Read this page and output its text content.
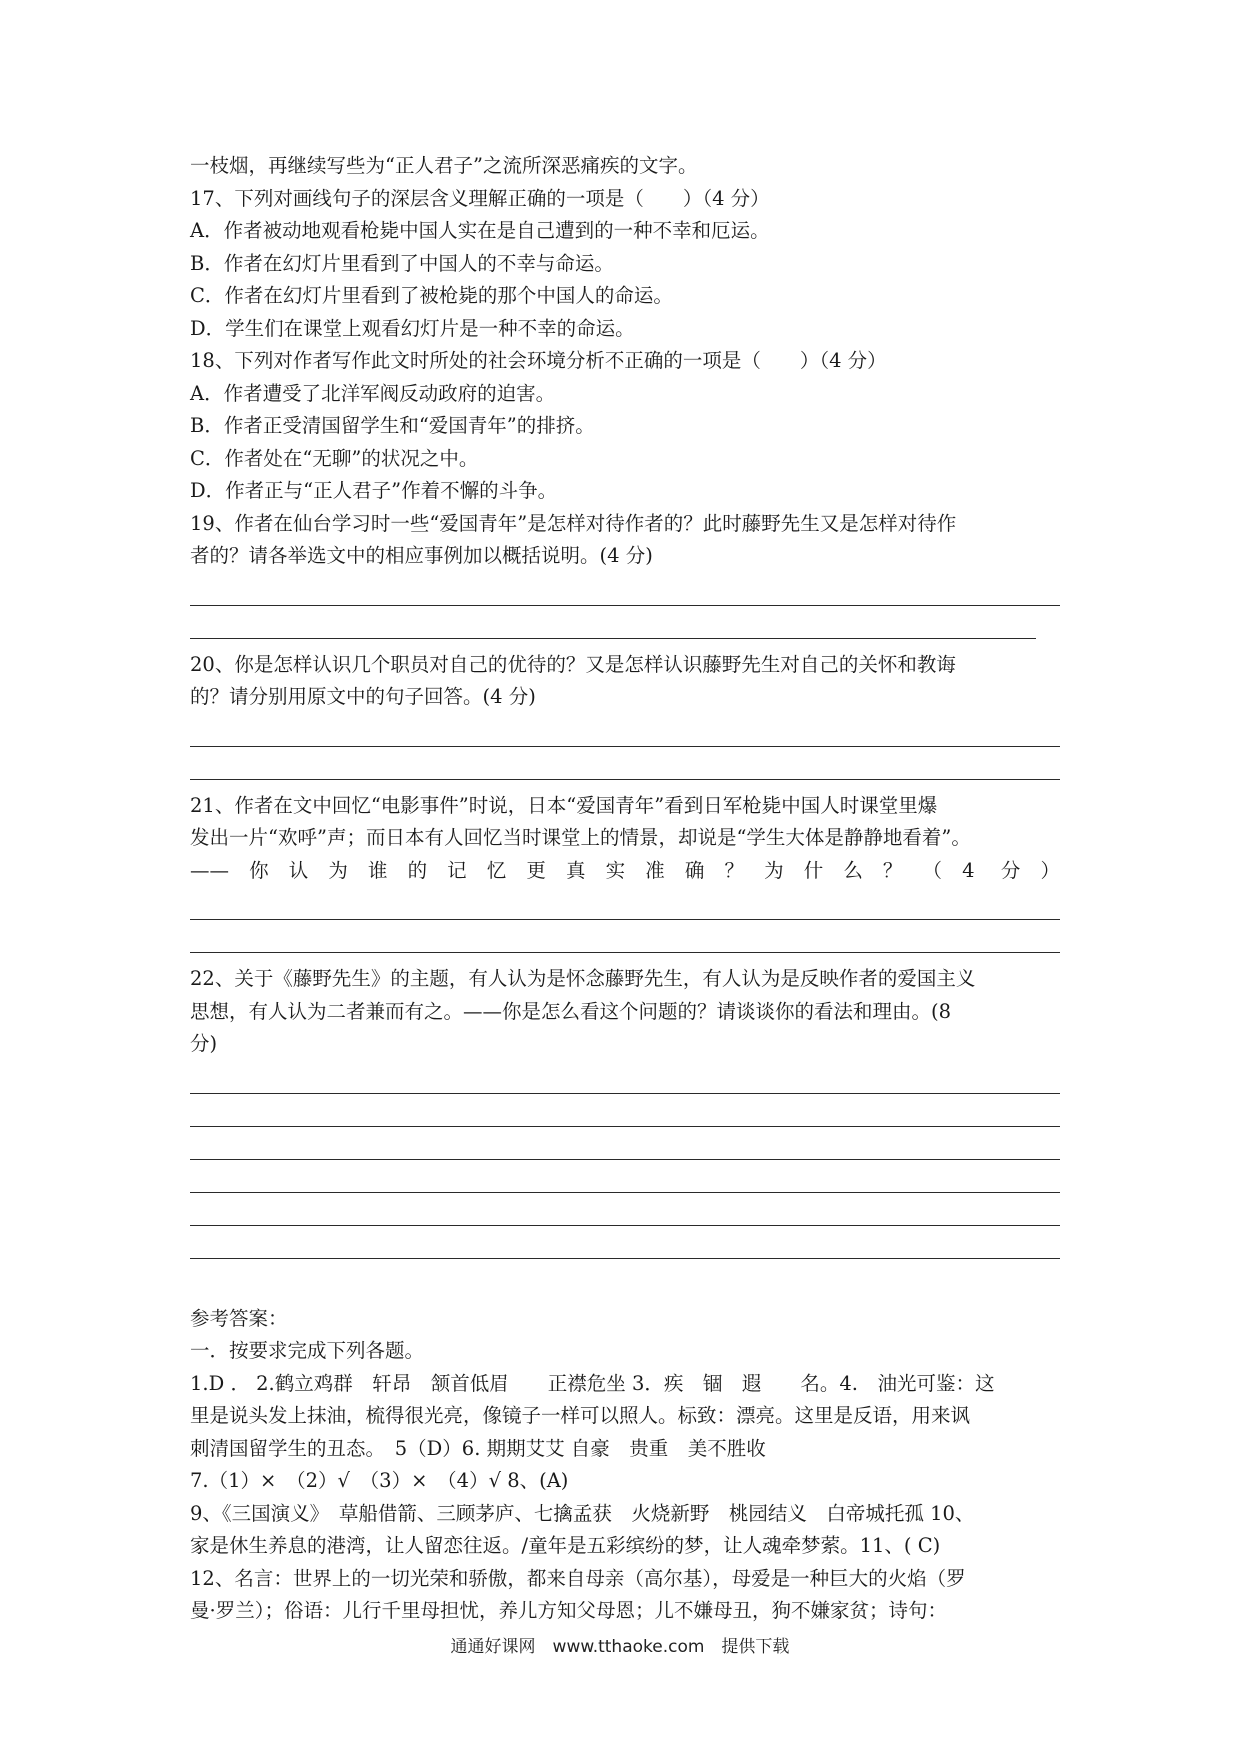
一枝烟，再继续写些为“正人君子”之流所深恶痛疾的文字。
17、下列对画线句子的深层含义理解正确的一项是（　　）（4 分）
A．作者被动地观看枪毙中国人实在是自己遭到的一种不幸和厄运。
B．作者在幻灯片里看到了中国人的不幸与命运。
C．作者在幻灯片里看到了被枪毙的那个中国人的命运。
D．学生们在课堂上观看幻灯片是一种不幸的命运。
18、下列对作者写作此文时所处的社会环境分析不正确的一项是（　　）（4 分）
A．作者遭受了北洋军阀反动政府的迫害。
B．作者正受清国留学生和“爱国青年”的排挤。
C．作者处在“无聊”的状况之中。
D．作者正与“正人君子”作着不懈的斗争。
19、作者在仙台学习时一些“爱国青年”是怎样对待作者的？此时藤野先生又是怎样对待作
者的？请各举选文中的相应事例加以概括说明。(4 分)
20、你是怎样认识几个职员对自己的优待的？又是怎样认识藤野先生对自己的关怀和教诲
的？请分别用原文中的句子回答。(4 分)
21、作者在文中回忆“电影事件”时说，日本“爱国青年”看到日军枪毙中国人时课堂里爆
发出一片“欢呼”声；而日本有人回忆当时课堂上的情景，却说是“学生大体是静静地看着”。
——你认为谁的记忆更真实准确？为什么？（4 分）
22、关于《藤野先生》的主题，有人认为是怀念藤野先生，有人认为是反映作者的爱国主义
思想，有人认为二者兼而有之。——你是怎么看这个问题的？请谈谈你的看法和理由。(8
分)
参考答案：
一．按要求完成下列各题。
1.D ． 2.鹤立鸡群　轩昂　颔首低眉　　正襟危坐 3．疾　锢　遐　　名。4.　油光可鉴：这
里是说头发上抹油，梳得很光亮，像镜子一样可以照人。标致：漂亮。这里是反语，用来讽
刺清国留学生的丑态。　5（D）6. 期期艾艾 自豪　贵重　美不胜收
7.（1）×　（2）√　（3）×　（4）√ 8、(A)
9、《三国演义》　草船借箭、三顾茅庐、七擒孟获　火烧新野　桃园结义　白帝城托孤 10、
家是休生养息的港湾，让人留恋往返。/童年是五彩缤纷的梦，让人魂牵梦萦。11、( C)
12、名言：世界上的一切光荣和骄傲，都来自母亲（高尔基），母爱是一种巨大的火焰（罗
曼·罗兰）；俗语：儿行千里母担忧，养儿方知父母恩；儿不嫌母丑，狗不嫌家贫；诗句：
通通好课网　www.tthaoke.com　提供下载
